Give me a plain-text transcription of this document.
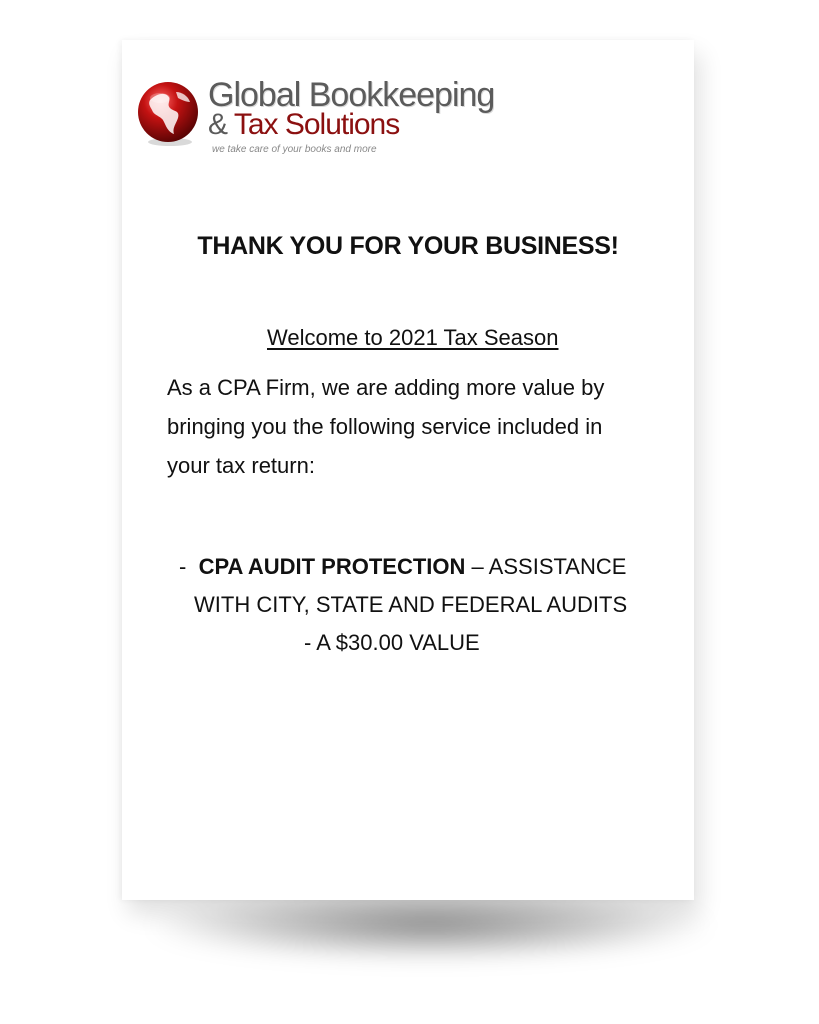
Global Bookkeeping
& Tax Solutions
we take care of your books and more
THANK YOU FOR YOUR BUSINESS!
Welcome to 2021 Tax Season
As a CPA Firm, we are adding more value by
bringing you the following service included in
your tax return:
- CPA AUDIT PROTECTION – ASSISTANCE
WITH CITY, STATE AND FEDERAL AUDITS
- A $30.00 VALUE
